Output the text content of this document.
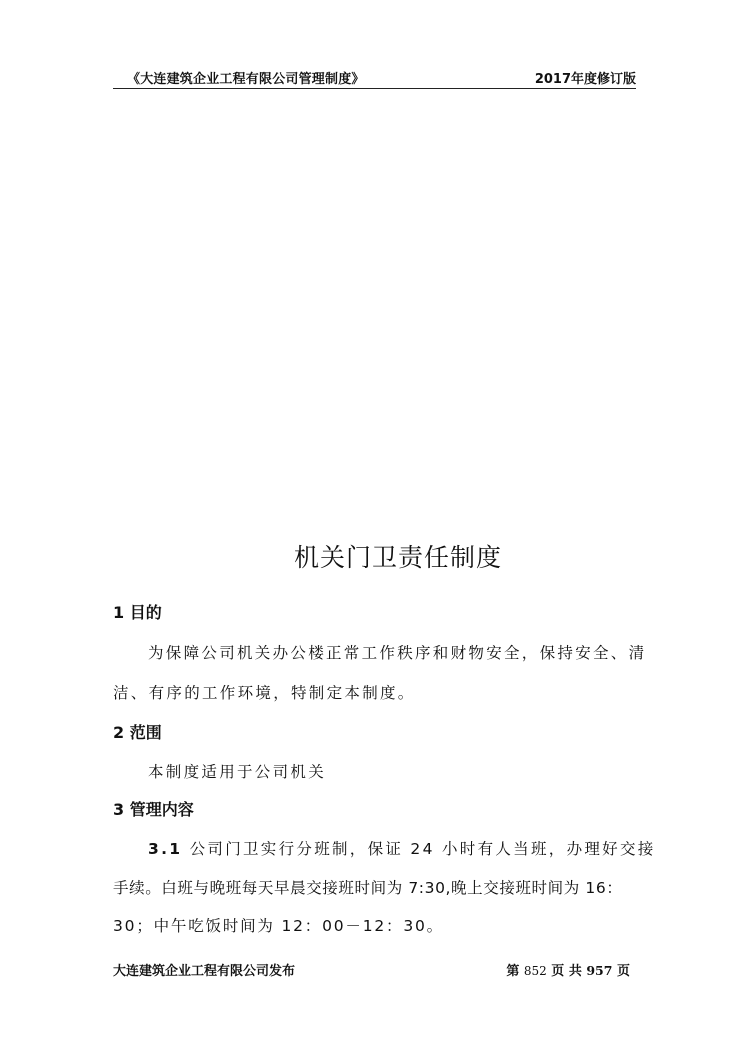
《大连建筑企业工程有限公司管理制度》	2017年度修订版
机关门卫责任制度
1 目的
为保障公司机关办公楼正常工作秩序和财物安全，保持安全、清
洁、有序的工作环境，特制定本制度。
2 范围
本制度适用于公司机关
3 管理内容
3.1 公司门卫实行分班制，保证 24 小时有人当班，办理好交接
手续。白班与晚班每天早晨交接班时间为 7:30,晚上交接班时间为 16：
30；中午吃饭时间为 12：00－12：30。
大连建筑企业工程有限公司发布	第 852 页 共 957 页
